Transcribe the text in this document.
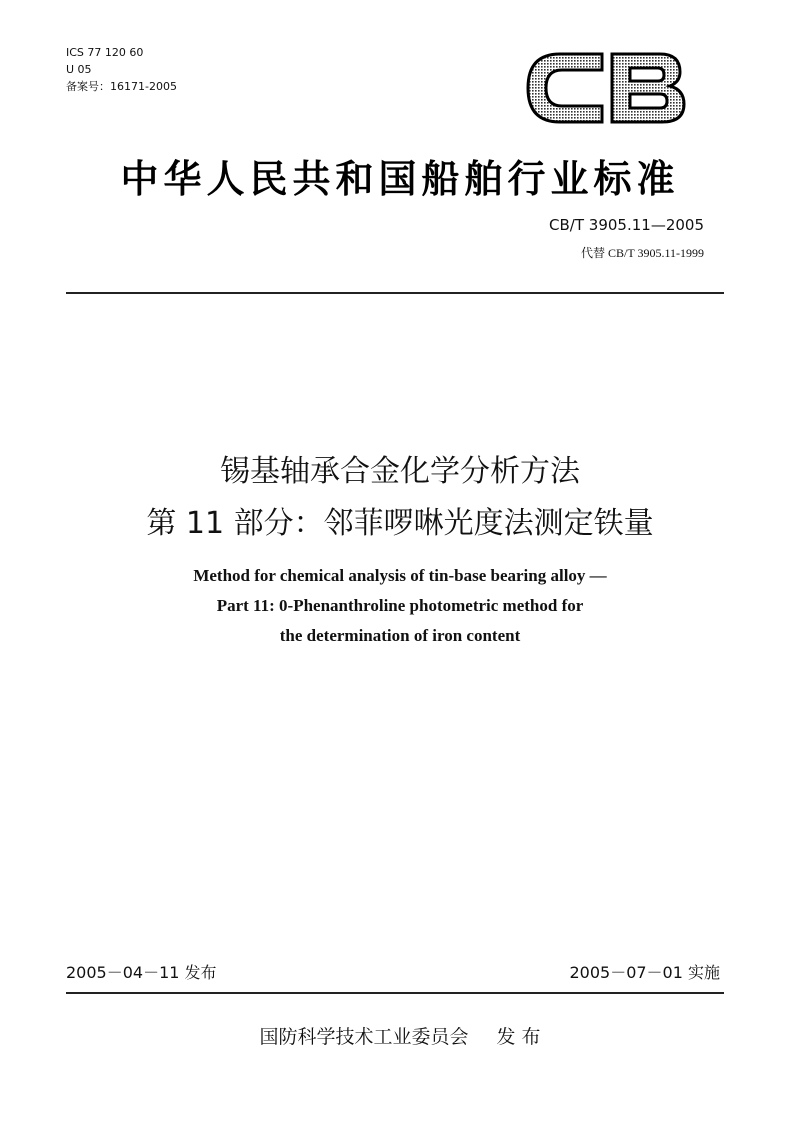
ICS 77 120 60
U 05
备案号：16171-2005
中华人民共和国船舶行业标准
CB/T 3905.11—2005
代替 CB/T 3905.11-1999
锡基轴承合金化学分析方法
第 11 部分：邻菲啰啉光度法测定铁量
Method for chemical analysis of tin-base bearing alloy —
Part 11: 0-Phenanthroline photometric method for
the determination of iron content
2005－04－11 发布	2005－07－01 实施
国防科学技术工业委员会 发 布
